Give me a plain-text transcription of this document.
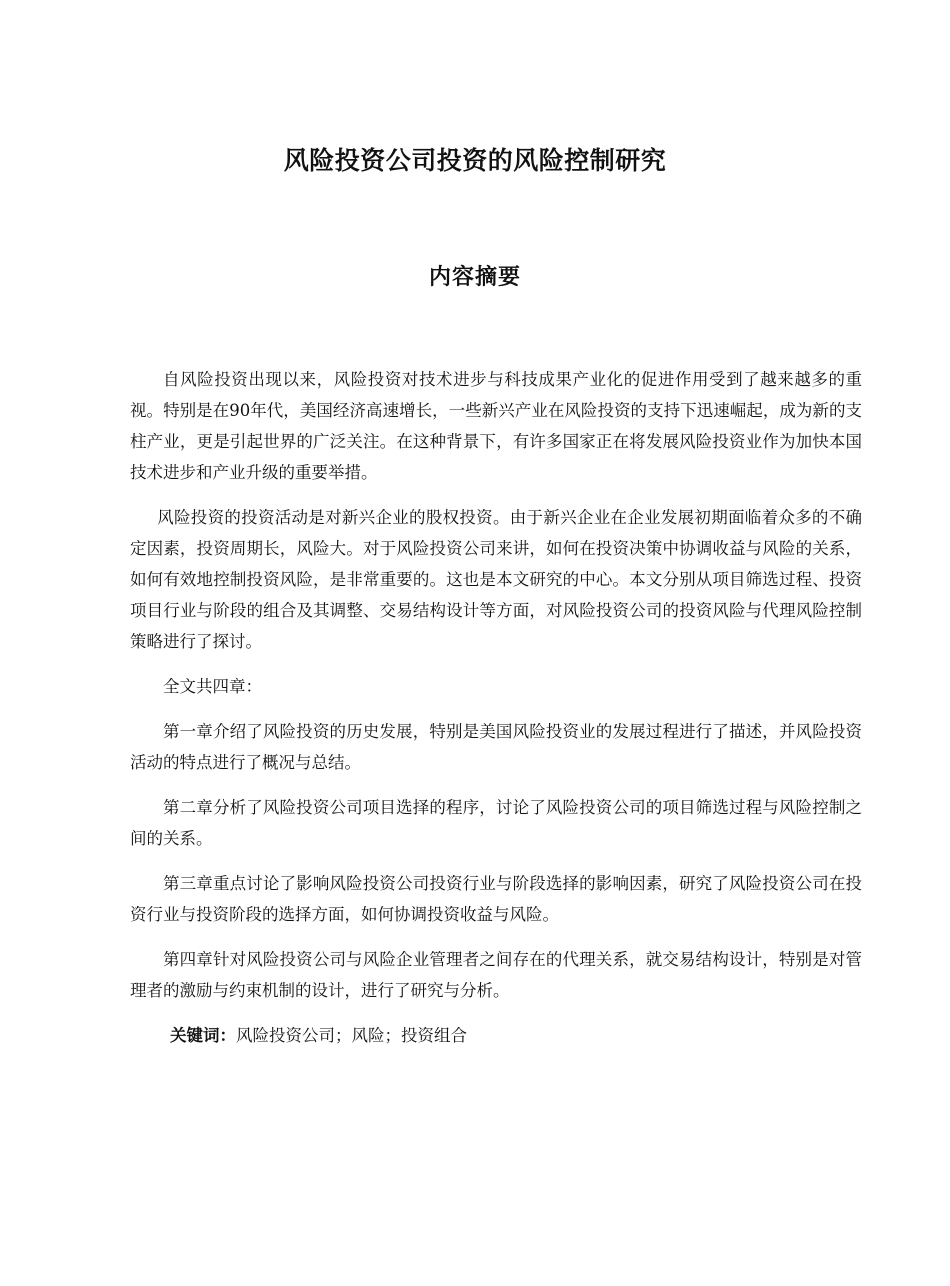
风险投资公司投资的风险控制研究
内容摘要

自风险投资出现以来，风险投资对技术进步与科技成果产业化的促进作用受到了越来越多的重视。特别是在90年代，美国经济高速增长，一些新兴产业在风险投资的支持下迅速崛起，成为新的支柱产业，更是引起世界的广泛关注。在这种背景下，有许多国家正在将发展风险投资业作为加快本国技术进步和产业升级的重要举措。

风险投资的投资活动是对新兴企业的股权投资。由于新兴企业在企业发展初期面临着众多的不确定因素，投资周期长，风险大。对于风险投资公司来讲，如何在投资决策中协调收益与风险的关系，如何有效地控制投资风险，是非常重要的。这也是本文研究的中心。本文分别从项目筛选过程、投资项目行业与阶段的组合及其调整、交易结构设计等方面，对风险投资公司的投资风险与代理风险控制策略进行了探讨。

全文共四章：

第一章介绍了风险投资的历史发展，特别是美国风险投资业的发展过程进行了描述，并风险投资活动的特点进行了概况与总结。

第二章分析了风险投资公司项目选择的程序，讨论了风险投资公司的项目筛选过程与风险控制之间的关系。

第三章重点讨论了影响风险投资公司投资行业与阶段选择的影响因素，研究了风险投资公司在投资行业与投资阶段的选择方面，如何协调投资收益与风险。

第四章针对风险投资公司与风险企业管理者之间存在的代理关系，就交易结构设计，特别是对管理者的激励与约束机制的设计，进行了研究与分析。

关键词：风险投资公司；风险；投资组合
